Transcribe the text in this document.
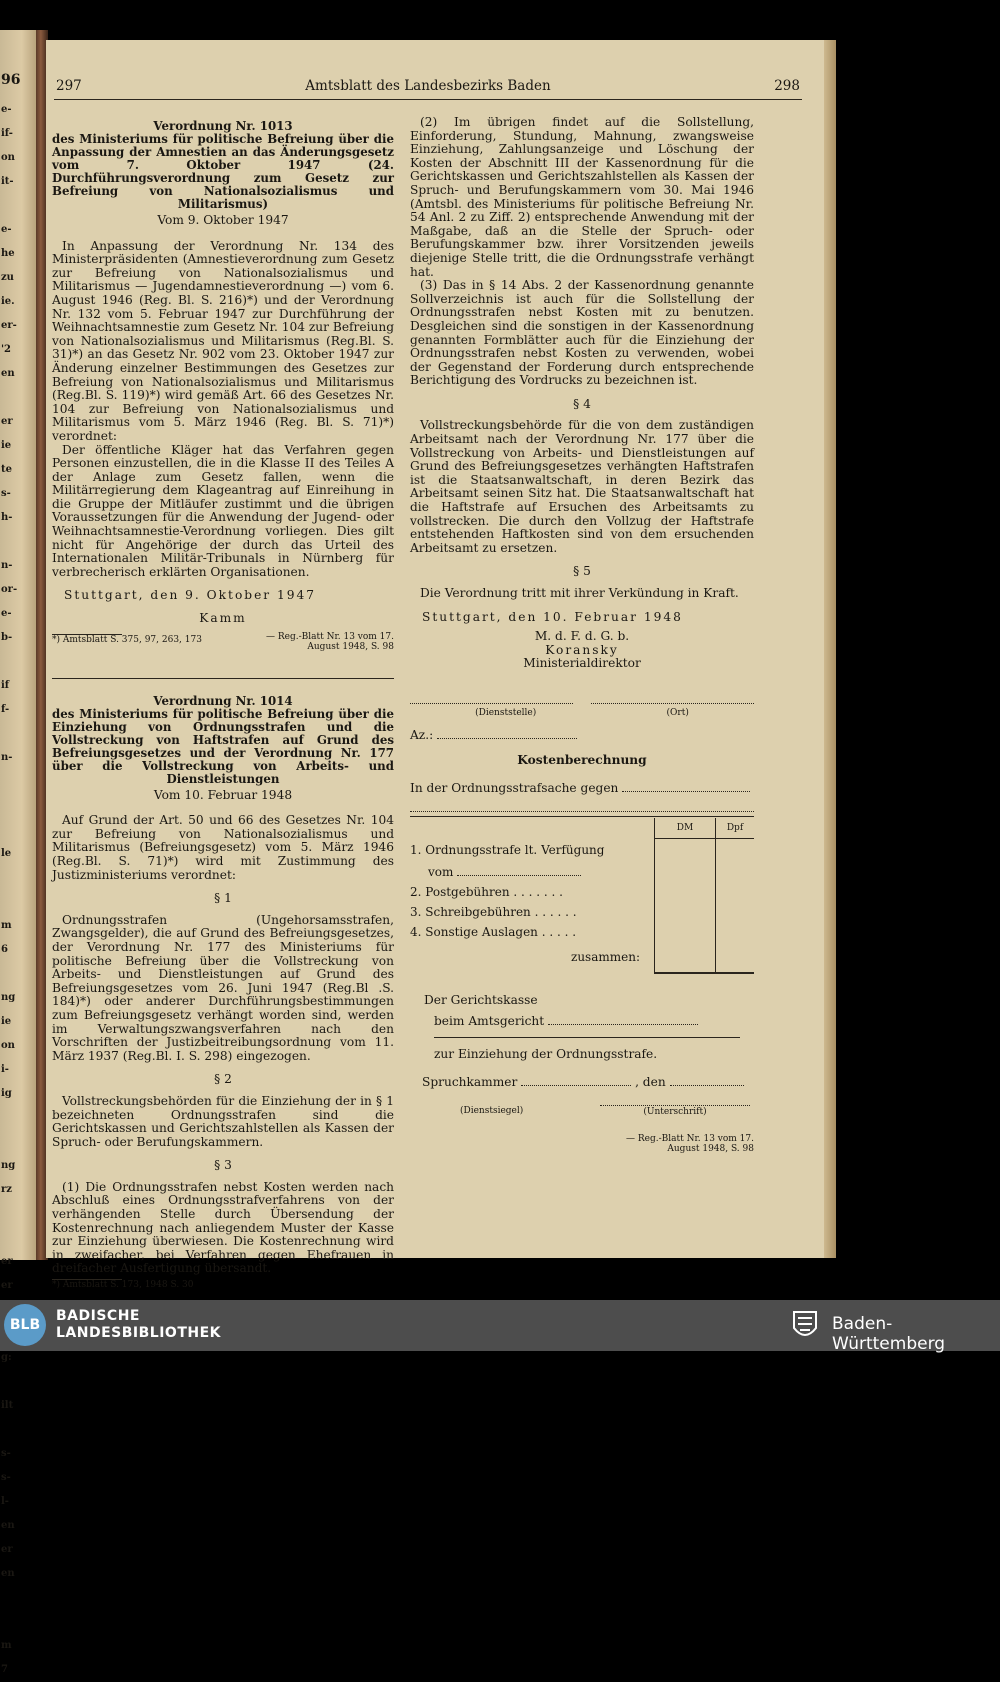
96
e-
if-
on
it-

e-
he
zu
ie.
er-
'2
en

er
ie
te
s-
h-

n-
or-
e-
b-

if
f-

n-

le

m
6

ng
ie
on
i-
ig

ng
rz

er
er
g:

ilt

s-
s-
l-
en
er
en

m
7
297	Amtsblatt des Landesbezirks Baden	298

Verordnung Nr. 1013

des Ministeriums für politische Befreiung über die Anpassung der Amnestien an das Änderungsgesetz vom 7. Oktober 1947 (24. Durchführungsverordnung zum Gesetz zur Befreiung von Nationalsozialismus und Militarismus)

Vom 9. Oktober 1947

In Anpassung der Verordnung Nr. 134 des Ministerpräsidenten (Amnestieverordnung zum Gesetz zur Befreiung von Nationalsozialismus und Militarismus — Jugendamnestieverordnung —) vom 6. August 1946 (Reg. Bl. S. 216)*) und der Verordnung Nr. 132 vom 5. Februar 1947 zur Durchführung der Weihnachtsamnestie zum Gesetz Nr. 104 zur Befreiung von Nationalsozialismus und Militarismus (Reg.Bl. S. 31)*) an das Gesetz Nr. 902 vom 23. Oktober 1947 zur Änderung einzelner Bestimmungen des Gesetzes zur Befreiung von Nationalsozialismus und Militarismus (Reg.Bl. S. 119)*) wird gemäß Art. 66 des Gesetzes Nr. 104 zur Befreiung von Nationalsozialismus und Militarismus vom 5. März 1946 (Reg. Bl. S. 71)*) verordnet:

Der öffentliche Kläger hat das Verfahren gegen Personen einzustellen, die in die Klasse II des Teiles A der Anlage zum Gesetz fallen, wenn die Militärregierung dem Klageantrag auf Einreihung in die Gruppe der Mitläufer zustimmt und die übrigen Voraussetzungen für die Anwendung der Jugend- oder Weihnachtsamnestie-Verordnung vorliegen. Dies gilt nicht für Angehörige der durch das Urteil des Internationalen Militär-Tribunals in Nürnberg für verbrecherisch erklärten Organisationen.

Stuttgart, den 9. Oktober 1947
Kamm
*) Amtsblatt S. 375, 97, 263, 173	— Reg.-Blatt Nr. 13 vom 17. August 1948, S. 98

Verordnung Nr. 1014

des Ministeriums für politische Befreiung über die Einziehung von Ordnungsstrafen und die Vollstreckung von Haftstrafen auf Grund des Befreiungsgesetzes und der Verordnung Nr. 177 über die Vollstreckung von Arbeits- und Dienstleistungen

Vom 10. Februar 1948

Auf Grund der Art. 50 und 66 des Gesetzes Nr. 104 zur Befreiung von Nationalsozialismus und Militarismus (Befreiungsgesetz) vom 5. März 1946 (Reg.Bl. S. 71)*) wird mit Zustimmung des Justizministeriums verordnet:

§ 1

Ordnungsstrafen (Ungehorsamsstrafen, Zwangsgelder), die auf Grund des Befreiungsgesetzes, der Verordnung Nr. 177 des Ministeriums für politische Befreiung über die Vollstreckung von Arbeits- und Dienstleistungen auf Grund des Befreiungsgesetzes vom 26. Juni 1947 (Reg.Bl .S. 184)*) oder anderer Durchführungsbestimmungen zum Befreiungsgesetz verhängt worden sind, werden im Verwaltungszwangsverfahren nach den Vorschriften der Justizbeitreibungsordnung vom 11. März 1937 (Reg.Bl. I. S. 298) eingezogen.

§ 2

Vollstreckungsbehörden für die Einziehung der in § 1 bezeichneten Ordnungsstrafen sind die Gerichtskassen und Gerichtszahlstellen als Kassen der Spruch- oder Berufungskammern.

§ 3

(1) Die Ordnungsstrafen nebst Kosten werden nach Abschluß eines Ordnungsstrafverfahrens von der verhängenden Stelle durch Übersendung der Kostenrechnung nach anliegendem Muster der Kasse zur Einziehung überwiesen. Die Kostenrechnung wird in zweifacher, bei Verfahren gegen Ehefrauen in dreifacher Ausfertigung übersandt.

*) Amtsblatt S. 173, 1948 S. 30

(2) Im übrigen findet auf die Sollstellung, Einforderung, Stundung, Mahnung, zwangsweise Einziehung, Zahlungsanzeige und Löschung der Kosten der Abschnitt III der Kassenordnung für die Gerichtskassen und Gerichtszahlstellen als Kassen der Spruch- und Berufungskammern vom 30. Mai 1946 (Amtsbl. des Ministeriums für politische Befreiung Nr. 54 Anl. 2 zu Ziff. 2) entsprechende Anwendung mit der Maßgabe, daß an die Stelle der Spruch- oder Berufungskammer bzw. ihrer Vorsitzenden jeweils diejenige Stelle tritt, die die Ordnungsstrafe verhängt hat.

(3) Das in § 14 Abs. 2 der Kassenordnung genannte Sollverzeichnis ist auch für die Sollstellung der Ordnungsstrafen nebst Kosten mit zu benutzen. Desgleichen sind die sonstigen in der Kassenordnung genannten Formblätter auch für die Einziehung der Ordnungsstrafen nebst Kosten zu verwenden, wobei der Gegenstand der Forderung durch entsprechende Berichtigung des Vordrucks zu bezeichnen ist.

§ 4

Vollstreckungsbehörde für die von dem zuständigen Arbeitsamt nach der Verordnung Nr. 177 über die Vollstreckung von Arbeits- und Dienstleistungen auf Grund des Befreiungsgesetzes verhängten Haftstrafen ist die Staatsanwaltschaft, in deren Bezirk das Arbeitsamt seinen Sitz hat. Die Staatsanwaltschaft hat die Haftstrafe auf Ersuchen des Arbeitsamts zu vollstrecken. Die durch den Vollzug der Haftstrafe entstehenden Haftkosten sind von dem ersuchenden Arbeitsamt zu ersetzen.

§ 5

Die Verordnung tritt mit ihrer Verkündung in Kraft.

Stuttgart, den 10. Februar 1948
M. d. F. d. G. b.
Koransky
Ministerialdirektor
(Dienststelle)	(Ort)
Az.:
Kostenberechnung
In der Ordnungsstrafsache gegen
	DM	Dpf
1. Ordnungsstrafe lt. Verfügung		
vom		
2. Postgebühren . . . . . . .		
3. Schreibgebühren . . . . . .		
4. Sonstige Auslagen . . . . .		
zusammen:		
Der Gerichtskasse
beim Amtsgericht
zur Einziehung der Ordnungsstrafe.
Spruchkammer	, den
(Dienstsiegel)	(Unterschrift)
— Reg.-Blatt Nr. 13 vom 17. August 1948, S. 98
BLB
BADISCHE
LANDESBIBLIOTHEK	Baden-Württemberg
